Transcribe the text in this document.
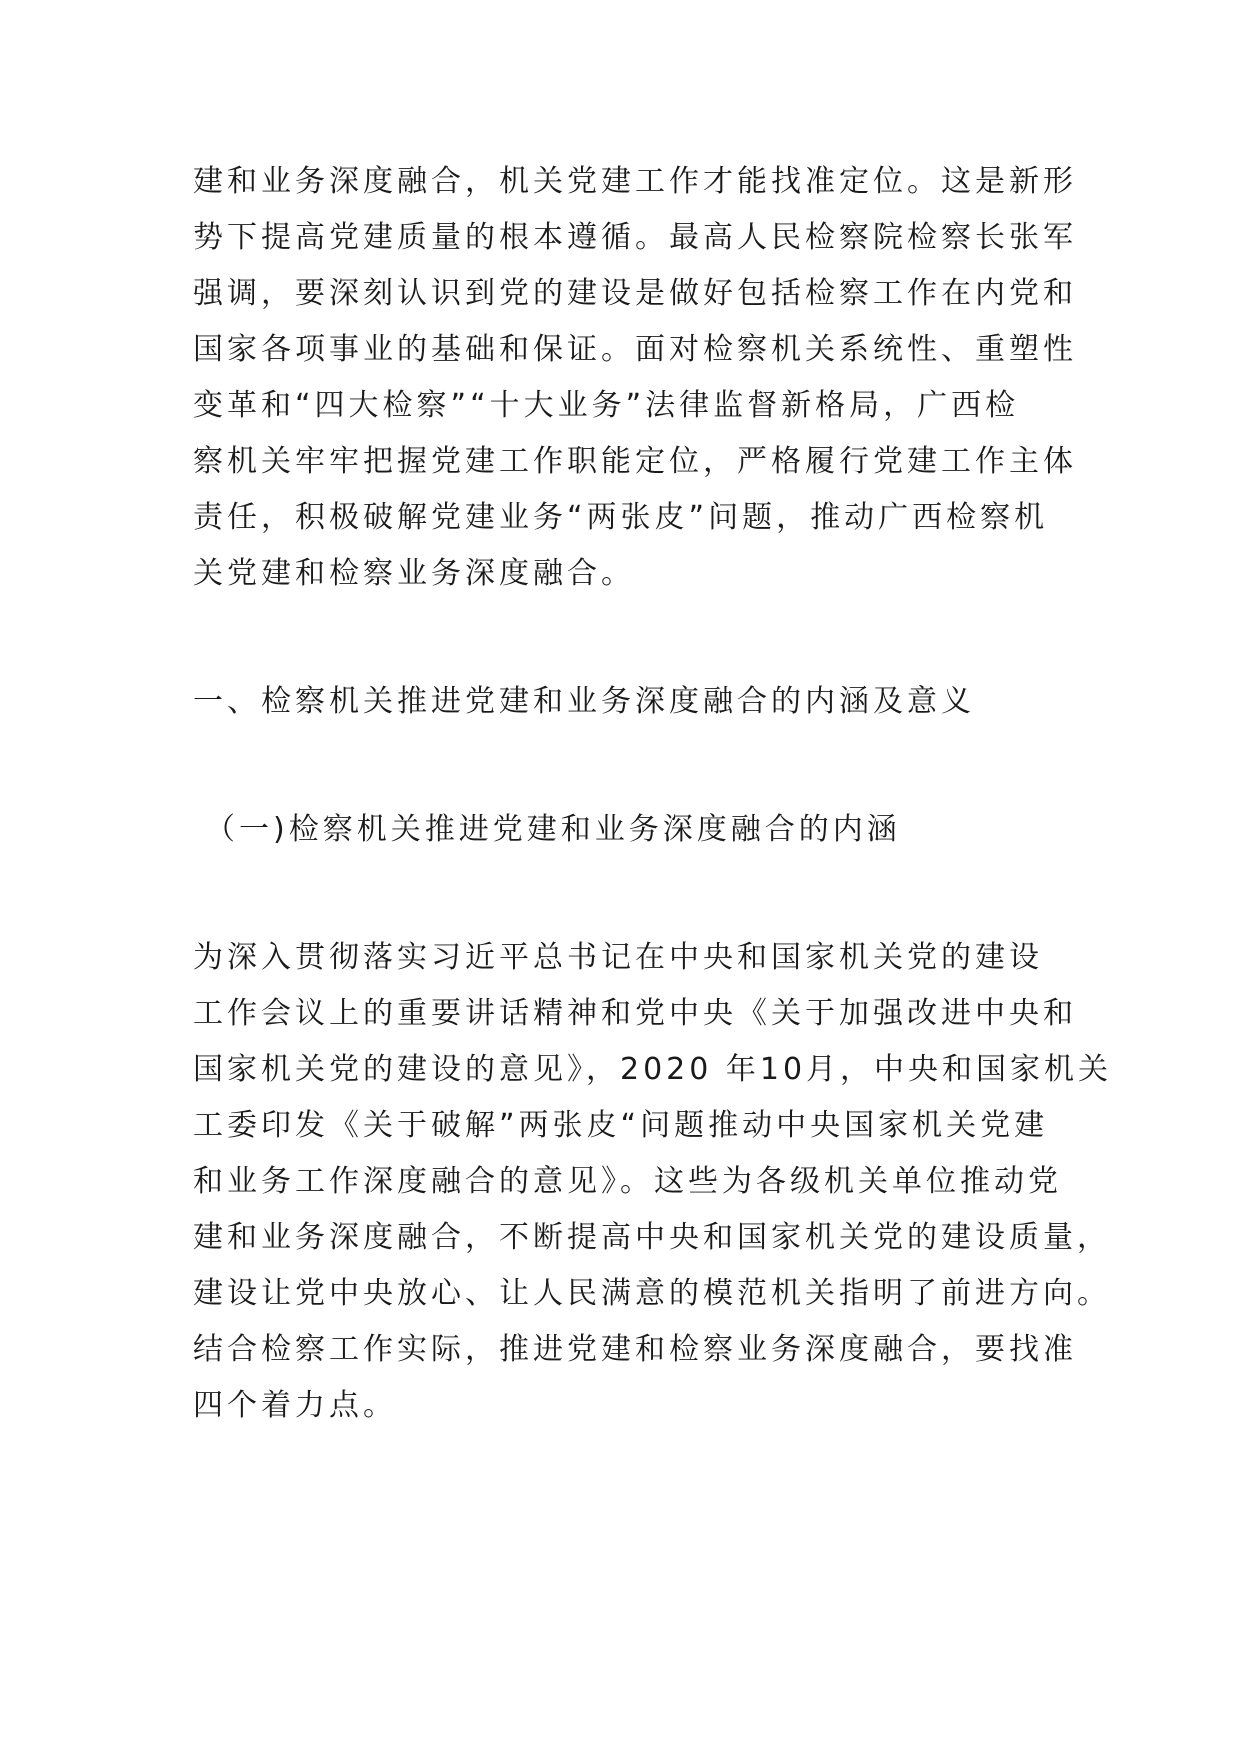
建和业务深度融合，机关党建工作才能找准定位。这是新形
势下提高党建质量的根本遵循。最高人民检察院检察长张军
强调，要深刻认识到党的建设是做好包括检察工作在内党和
国家各项事业的基础和保证。面对检察机关系统性、重塑性
变革和“四大检察”“十大业务”法律监督新格局，广西检
察机关牢牢把握党建工作职能定位，严格履行党建工作主体
责任，积极破解党建业务“两张皮”问题，推动广西检察机
关党建和检察业务深度融合。
一、检察机关推进党建和业务深度融合的内涵及意义
（一)检察机关推进党建和业务深度融合的内涵
为深入贯彻落实习近平总书记在中央和国家机关党的建设
工作会议上的重要讲话精神和党中央《关于加强改进中央和
国家机关党的建设的意见》，2020 年10月，中央和国家机关
工委印发《关于破解”两张皮“问题推动中央国家机关党建
和业务工作深度融合的意见》。这些为各级机关单位推动党
建和业务深度融合，不断提高中央和国家机关党的建设质量，
建设让党中央放心、让人民满意的模范机关指明了前进方向。
结合检察工作实际，推进党建和检察业务深度融合，要找准
四个着力点。
